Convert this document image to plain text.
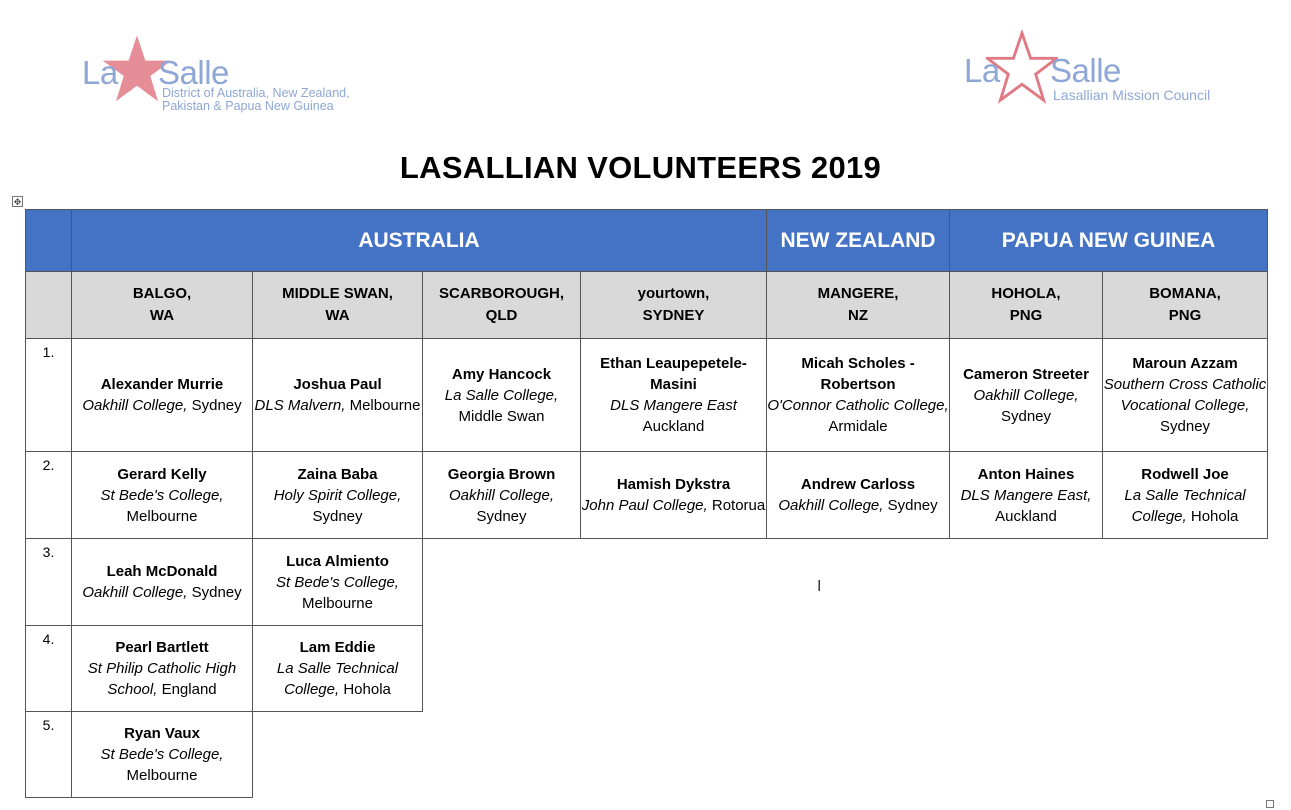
La Salle
District of Australia, New Zealand,
Pakistan & Papua New Guinea
La Salle
Lasallian Mission Council
LASALLIAN VOLUNTEERS 2019
✥
	AUSTRALIA				NEW ZEALAND	PAPUA NEW GUINEA	
	BALGO,
WA	MIDDLE SWAN,
WA	SCARBOROUGH,
QLD	yourtown,
SYDNEY	MANGERE,
NZ	HOHOLA,
PNG	BOMANA,
PNG
1.	Alexander Murrie
Oakhill College, Sydney	Joshua Paul
DLS Malvern, Melbourne	Amy Hancock
La Salle College, Middle Swan	Ethan Leaupepetele-Masini
DLS Mangere East Auckland	Micah Scholes - Robertson
O'Connor Catholic College, Armidale	Cameron Streeter
Oakhill College, Sydney	Maroun Azzam
Southern Cross Catholic Vocational College, Sydney

2.	Gerard Kelly
St Bede's College, Melbourne	Zaina Baba
Holy Spirit College, Sydney	Georgia Brown
Oakhill College, Sydney	Hamish Dykstra
John Paul College, Rotorua	Andrew Carloss
Oakhill College, Sydney	Anton Haines
DLS Mangere East, Auckland	Rodwell Joe
La Salle Technical College, Hohola

3.	Leah McDonald
Oakhill College, Sydney	Luca Almiento
St Bede's College, Melbourne					

4.	Pearl Bartlett
St Philip Catholic High School, England	Lam Eddie
La Salle Technical College, Hohola					

5.	Ryan Vaux
St Bede's College, Melbourne						

I
